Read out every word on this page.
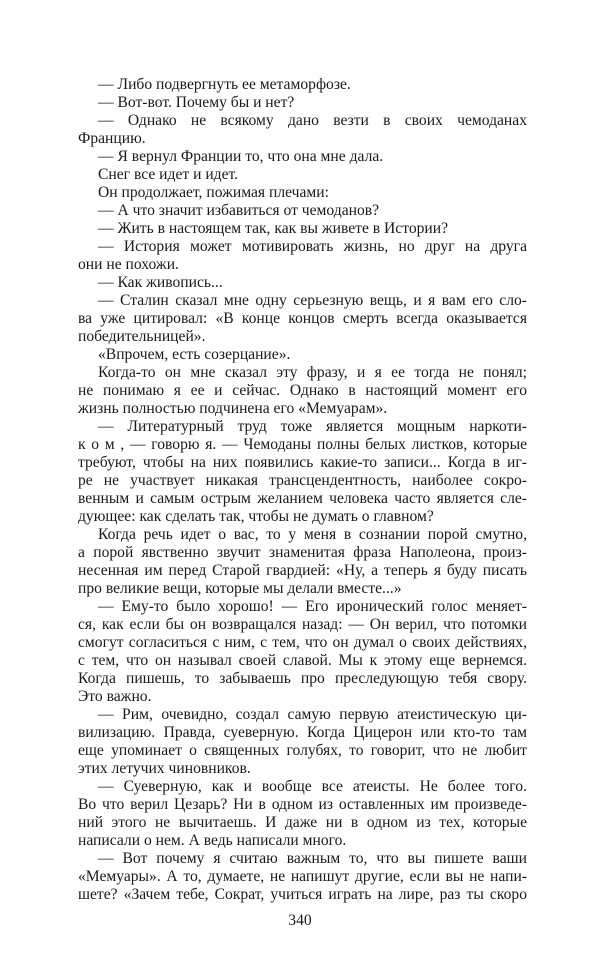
— Либо подвергнуть ее метаморфозе.
— Вот-вот. Почему бы и нет?
— Однако не всякому дано везти в своих чемоданах
Францию.
— Я вернул Франции то, что она мне дала.
Снег все идет и идет.
Он продолжает, пожимая плечами:
— А что значит избавиться от чемоданов?
— Жить в настоящем так, как вы живете в Истории?
— История может мотивировать жизнь, но друг на друга
они не похожи.
— Как живопись...
— Сталин сказал мне одну серьезную вещь, и я вам его сло-
ва уже цитировал: «В конце концов смерть всегда оказывается
победительницей».
«Впрочем, есть созерцание».
Когда-то он мне сказал эту фразу, и я ее тогда не понял;
не понимаю я ее и сейчас. Однако в настоящий момент его
жизнь полностью подчинена его «Мемуарам».
— Литературный труд тоже является мощным наркоти-
к о м , — говорю я. — Чемоданы полны белых листков, которые
требуют, чтобы на них появились какие-то записи... Когда в иг-
ре не участвует никакая трансцендентность, наиболее сокро-
венным и самым острым желанием человека часто является сле-
дующее: как сделать так, чтобы не думать о главном?
Когда речь идет о вас, то у меня в сознании порой смутно,
а порой явственно звучит знаменитая фраза Наполеона, произ-
несенная им перед Старой гвардией: «Ну, а теперь я буду писать
про великие вещи, которые мы делали вместе...»
— Ему-то было хорошо! — Его иронический голос меняет-
ся, как если бы он возвращался назад: — Он верил, что потомки
смогут согласиться с ним, с тем, что он думал о своих действиях,
с тем, что он называл своей славой. Мы к этому еще вернемся.
Когда пишешь, то забываешь про преследующую тебя свору.
Это важно.
— Рим, очевидно, создал самую первую атеистическую ци-
вилизацию. Правда, суеверную. Когда Цицерон или кто-то там
еще упоминает о священных голубях, то говорит, что не любит
этих летучих чиновников.
— Суеверную, как и вообще все атеисты. Не более того.
Во что верил Цезарь? Ни в одном из оставленных им произведе-
ний этого не вычитаешь. И даже ни в одном из тех, которые
написали о нем. А ведь написали много.
— Вот почему я считаю важным то, что вы пишете ваши
«Мемуары». А то, думаете, не напишут другие, если вы не напи-
шете? «Зачем тебе, Сократ, учиться играть на лире, раз ты скоро
340
